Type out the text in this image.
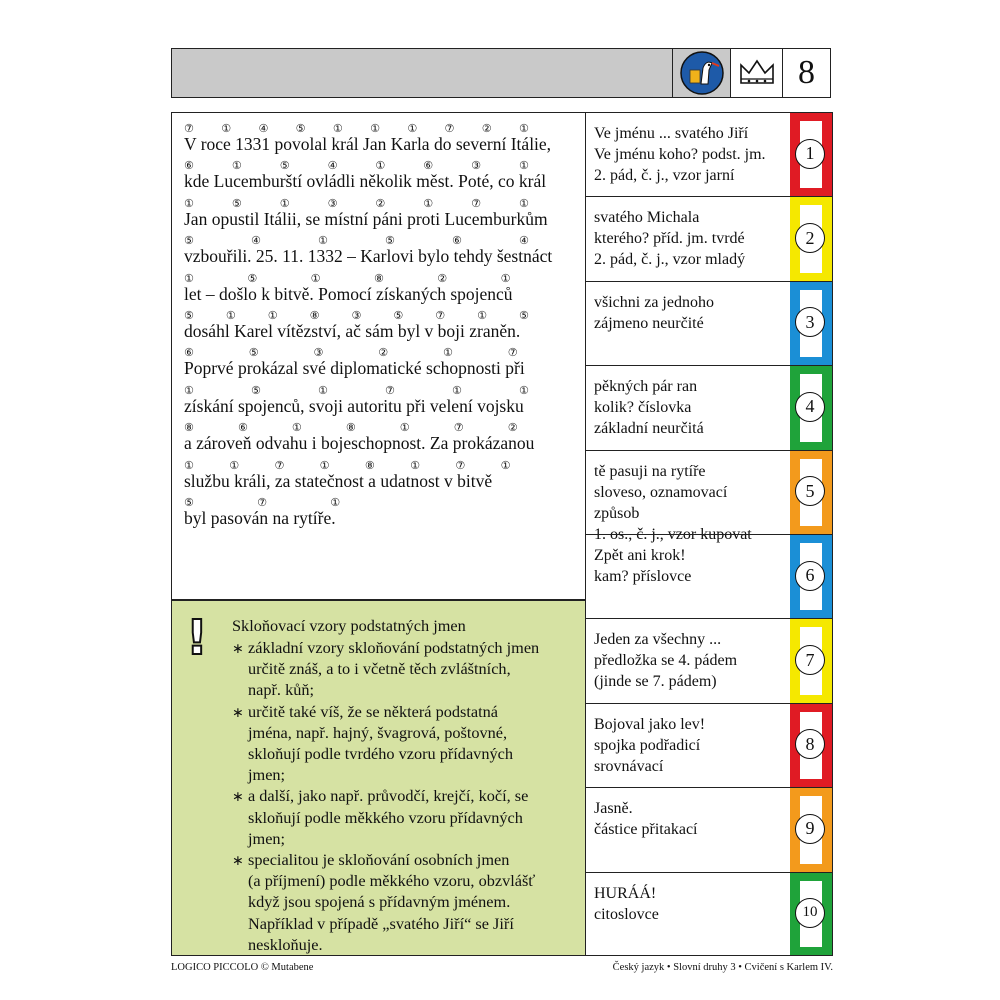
8
V roce 1331 povolal král Jan Karla do severní Itálie,
⑦ ① ④ ⑤ ① ① ① ⑦ ② ①
kde Lucemburští ovládli několik měst. Poté, co král
⑥	①	⑤	④	①	⑥	③	①
Jan opustil Itálii, se místní páni proti Lucemburkům
①	⑤	①	③	②	①	⑦	①
vzbouřili. 25. 11. 1332 – Karlovi bylo tehdy šestnáct
⑤	④	①	⑤	⑥	④
let – došlo k bitvě. Pomocí získaných spojenců
①	⑤	①	⑧	②	①
dosáhl Karel vítězství, ač sám byl v boji zraněn.
⑤	①	①	⑧	③	⑤	⑦	①	⑤
Poprvé prokázal své diplomatické schopnosti při
⑥	⑤	③	②	①	⑦
získání spojenců, svoji autoritu při velení vojsku
①	⑤	①	⑦	①	①
a zároveň odvahu i bojeschopnost. Za prokázanou
⑧	⑥	①	⑧	①	⑦	②
službu králi, za statečnost a udatnost v bitvě
①	①	⑦	①	⑧	①	⑦	①
byl pasován na rytíře.
⑤	⑦	①
! Skloňovací vzory podstatných jmen
základní vzory skloňování podstatných jmen
∗
určitě znáš, a to i včetně těch zvláštních,
např. kůň;
určitě také víš, že se některá podstatná
∗
jména, např. hajný, švagrová, poštovné,
skloňují podle tvrdého vzoru přídavných
jmen;
a další, jako např. průvodčí, krejčí, kočí, se
∗
skloňují podle měkkého vzoru přídavných
jmen;
specialitou je skloňování osobních jmen
∗
(a příjmení) podle měkkého vzoru, obzvlášť
když jsou spojená s přídavným jménem.
Například v případě „svatého Jiří“ se Jiří
neskloňuje.
Ve jménu ... svatého Jiří
Ve jménu koho? podst. jm.
2. pád, č. j., vzor jarní
1
svatého Michala
kterého? příd. jm. tvrdé
2. pád, č. j., vzor mladý
2
všichni za jednoho
zájmeno neurčité	3
pěkných pár ran
kolik? číslovka
základní neurčitá
4
tě pasuji na rytíře
sloveso, oznamovací
způsob
1. os., č. j., vzor kupovat
5
Zpět ani krok!
kam? příslovce	6
Jeden za všechny ...
předložka se 4. pádem
(jinde se 7. pádem)
7
Bojoval jako lev!
spojka podřadicí
srovnávací
8
Jasně.
částice přitakací	9
HURÁÁ!
citoslovce	10
LOGICO PICCOLO © Mutabene	Český jazyk • Slovní druhy 3 • Cvičení s Karlem IV.
